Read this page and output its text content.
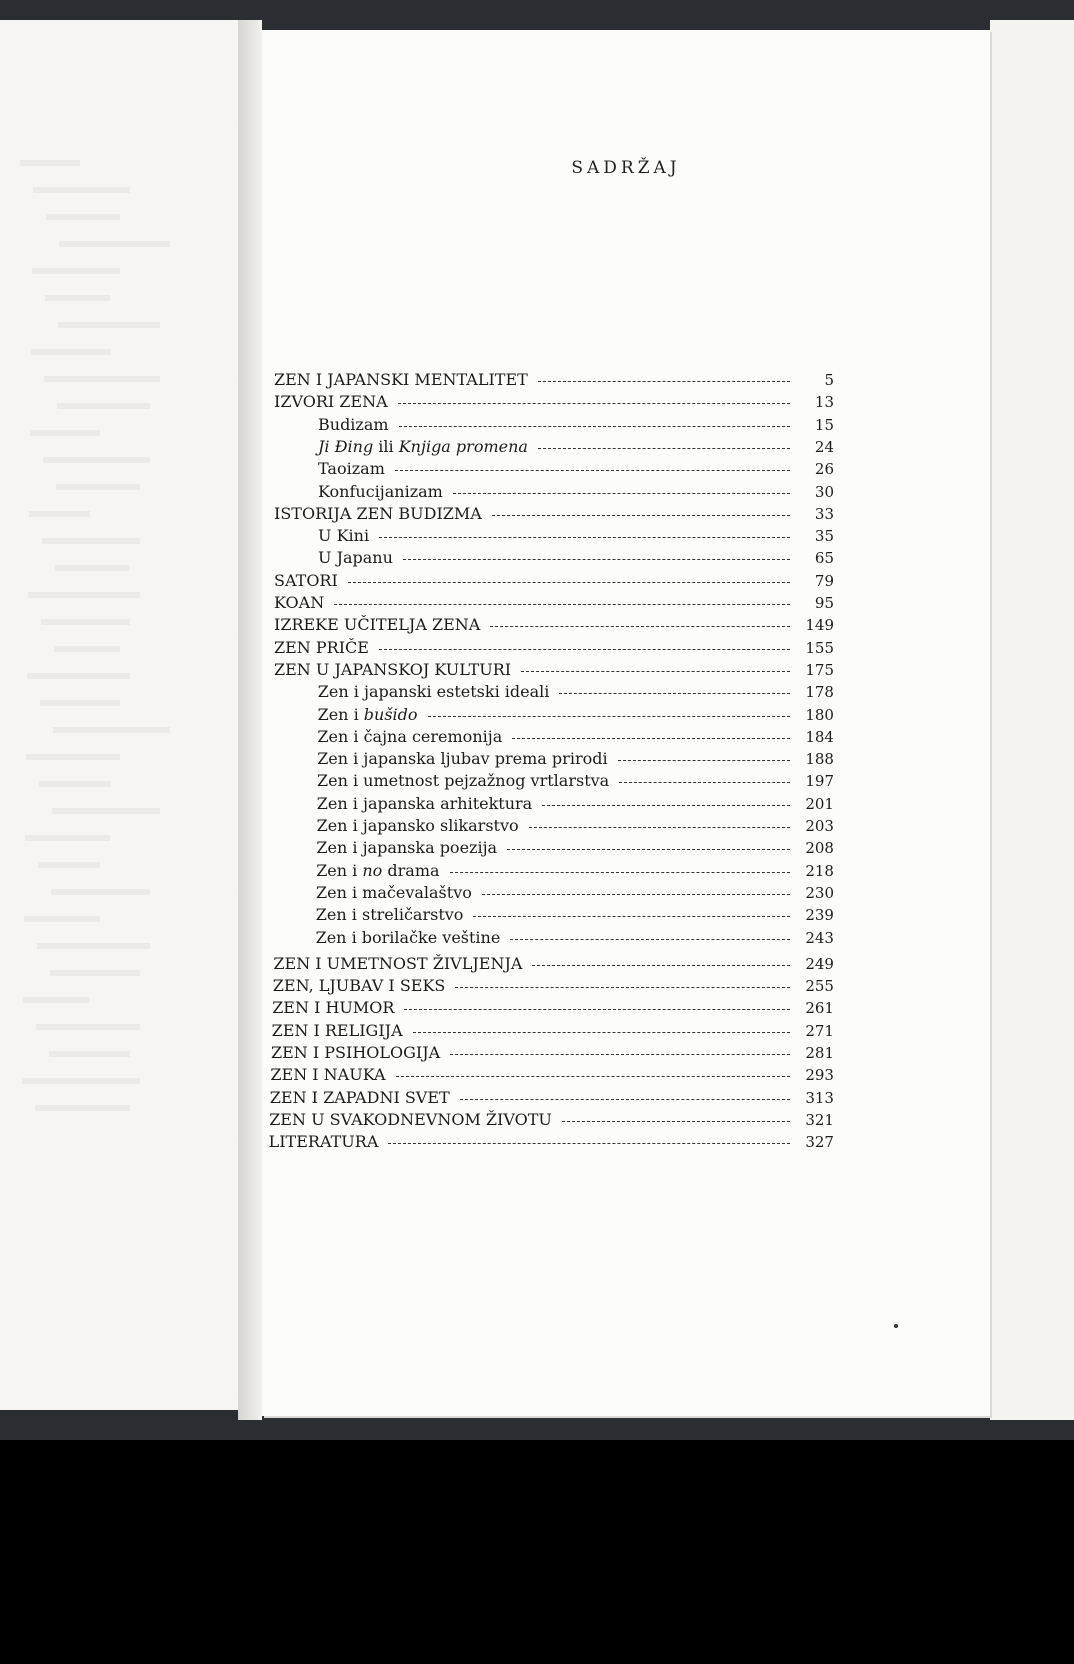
SADRŽAJ
ZEN I JAPANSKI MENTALITET	5
IZVORI ZENA	13
Budizam	15
Ji Đing ili Knjiga promena	24
Taoizam	26
Konfucijanizam	30
ISTORIJA ZEN BUDIZMA	33
U Kini	35
U Japanu	65
SATORI	79
KOAN	95
IZREKE UČITELJA ZENA	149
ZEN PRIČE	155
ZEN U JAPANSKOJ KULTURI	175
Zen i japanski estetski ideali	178
Zen i bušido	180
Zen i čajna ceremonija	184
Zen i japanska ljubav prema prirodi	188
Zen i umetnost pejzažnog vrtlarstva	197
Zen i japanska arhitektura	201
Zen i japansko slikarstvo	203
Zen i japanska poezija	208
Zen i no drama	218
Zen i mačevalaštvo	230
Zen i streličarstvo	239
Zen i borilačke veštine	243
ZEN I UMETNOST ŽIVLJENJA	249
ZEN, LJUBAV I SEKS	255
ZEN I HUMOR	261
ZEN I RELIGIJA	271
ZEN I PSIHOLOGIJA	281
ZEN I NAUKA	293
ZEN I ZAPADNI SVET	313
ZEN U SVAKODNEVNOM ŽIVOTU	321
LITERATURA	327
